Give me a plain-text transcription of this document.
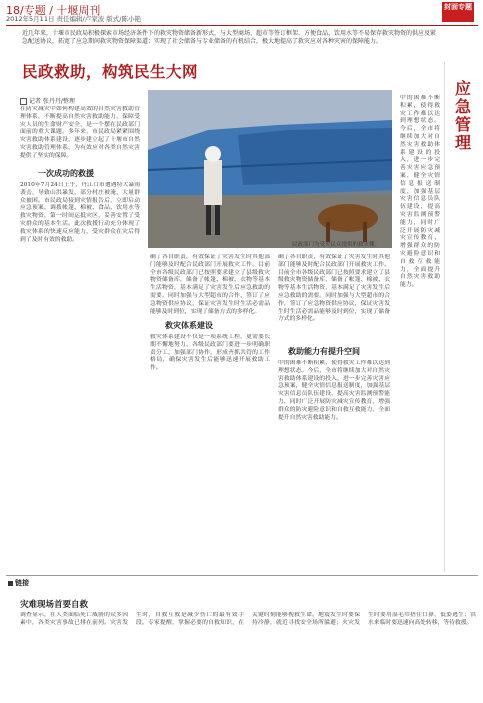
18/专题 / 十堰周刊
2012年5月11日 责任编辑/卢家波 版式/陈小艳
封面专题
近几年来，十堰市民政局积极探索市场经济条件下的救灾物资储备新形式，与大型商场、超市等签订框架、方便食品、饮用水等不易保存救灾物资的供应及紧急配送协议，拓宽了应急期间救灾物资保障渠道；实现了社会储备与专业储备的有机结合，极大地提高了救灾应对各种灾害的保障能力。
民政救助，构筑民生大网
应急管理
记者 张丹丹/整理
民政部门为受灾民众提供的救灾棚。
在防灾减灾中如何构建高效的自然灾害救助管理体系，不断提高自然灾害救助能力，保障受灾人员的生命财产安全，是一个摆在民政部门面前的重大课题。多年来，市民政局紧紧围绕灾害救助体系建设，逐步建立起了十堰市自然灾害救助管理体系，为有效应对各类自然灾害提供了坚实的保障。
一次成功的救援
2010年7月24日上午，丹江口市遭遇特大暴雨袭击，导致山洪暴发，部分村庄被淹，大量群众被困。市民政局接到灾情报告后，立即启动应急预案，调拨帐篷、棉被、食品、饮用水等救灾物资，第一时间运抵灾区，妥善安置了受灾群众的基本生活。此次救援行动充分体现了救灾体系的快速反应能力，受灾群众在灾后得到了及时有效的救助。
确了各自职责，有效保证了灾害发生时其他部门能够及时配合民政部门开展救灾工作。目前全市各级民政部门已按照要求建立了县级救灾物资储备库，储备了帐篷、棉被、衣物等基本生活物资，基本满足了灾害发生后应急救助的需要。同时加强与大型超市的合作，签订了应急物资供应协议，保证灾害发生时生活必需品能够及时到位，实现了储备方式的多样化。
救灾体系建设
救灾体系建设不仅是一项系统工程，更需要长期不懈地努力。各级民政部门要进一步明确职责分工，加强部门协作，形成齐抓共管的工作格局，确保灾害发生后能够迅速开展救助工作。
确了各自职责，有效保证了灾害发生时其他部门能够及时配合民政部门开展救灾工作。目前全市各级民政部门已按照要求建立了县级救灾物资储备库，储备了帐篷、棉被、衣物等基本生活物资，基本满足了灾害发生后应急救助的需要。同时加强与大型超市的合作，签订了应急物资供应协议，保证灾害发生时生活必需品能够及时到位，实现了储备方式的多样化。
救助能力有提升空间
中的困难不断积累，使得救灾工作难以达到理想状态。今后，全市将继续加大对自然灾害救助体系建设的投入，进一步完善灾害应急预案，健全灾情信息报送制度，加强基层灾害信息员队伍建设，提高灾害监测预警能力，同时广泛开展防灾减灾宣传教育，增强群众的防灾避险意识和自救互救能力，全面提升自然灾害救助能力。
中的困难不断积累，使得救灾工作难以达到理想状态。今后，全市将继续加大对自然灾害救助体系建设的投入，进一步完善灾害应急预案，健全灾情信息报送制度，加强基层灾害信息员队伍建设，提高灾害监测预警能力，同时广泛开展防灾减灾宣传教育，增强群众的防灾避险意识和自救互救能力，全面提升自然灾害救助能力。
链接
灾难现场首要自救
调查显示，在人类面临死亡威胁的众多因素中，各类灾害事故已排在前列。灾害发生时，自救互救是减少伤亡的最有效手段。专家提醒，掌握必要的自救知识，在关键时刻能够挽救生命。地震发生时要保持冷静，就近寻找安全场所躲避；火灾发生时要用湿毛巾捂住口鼻，低姿逃生；洪水来临时要迅速向高处转移，等待救援。
